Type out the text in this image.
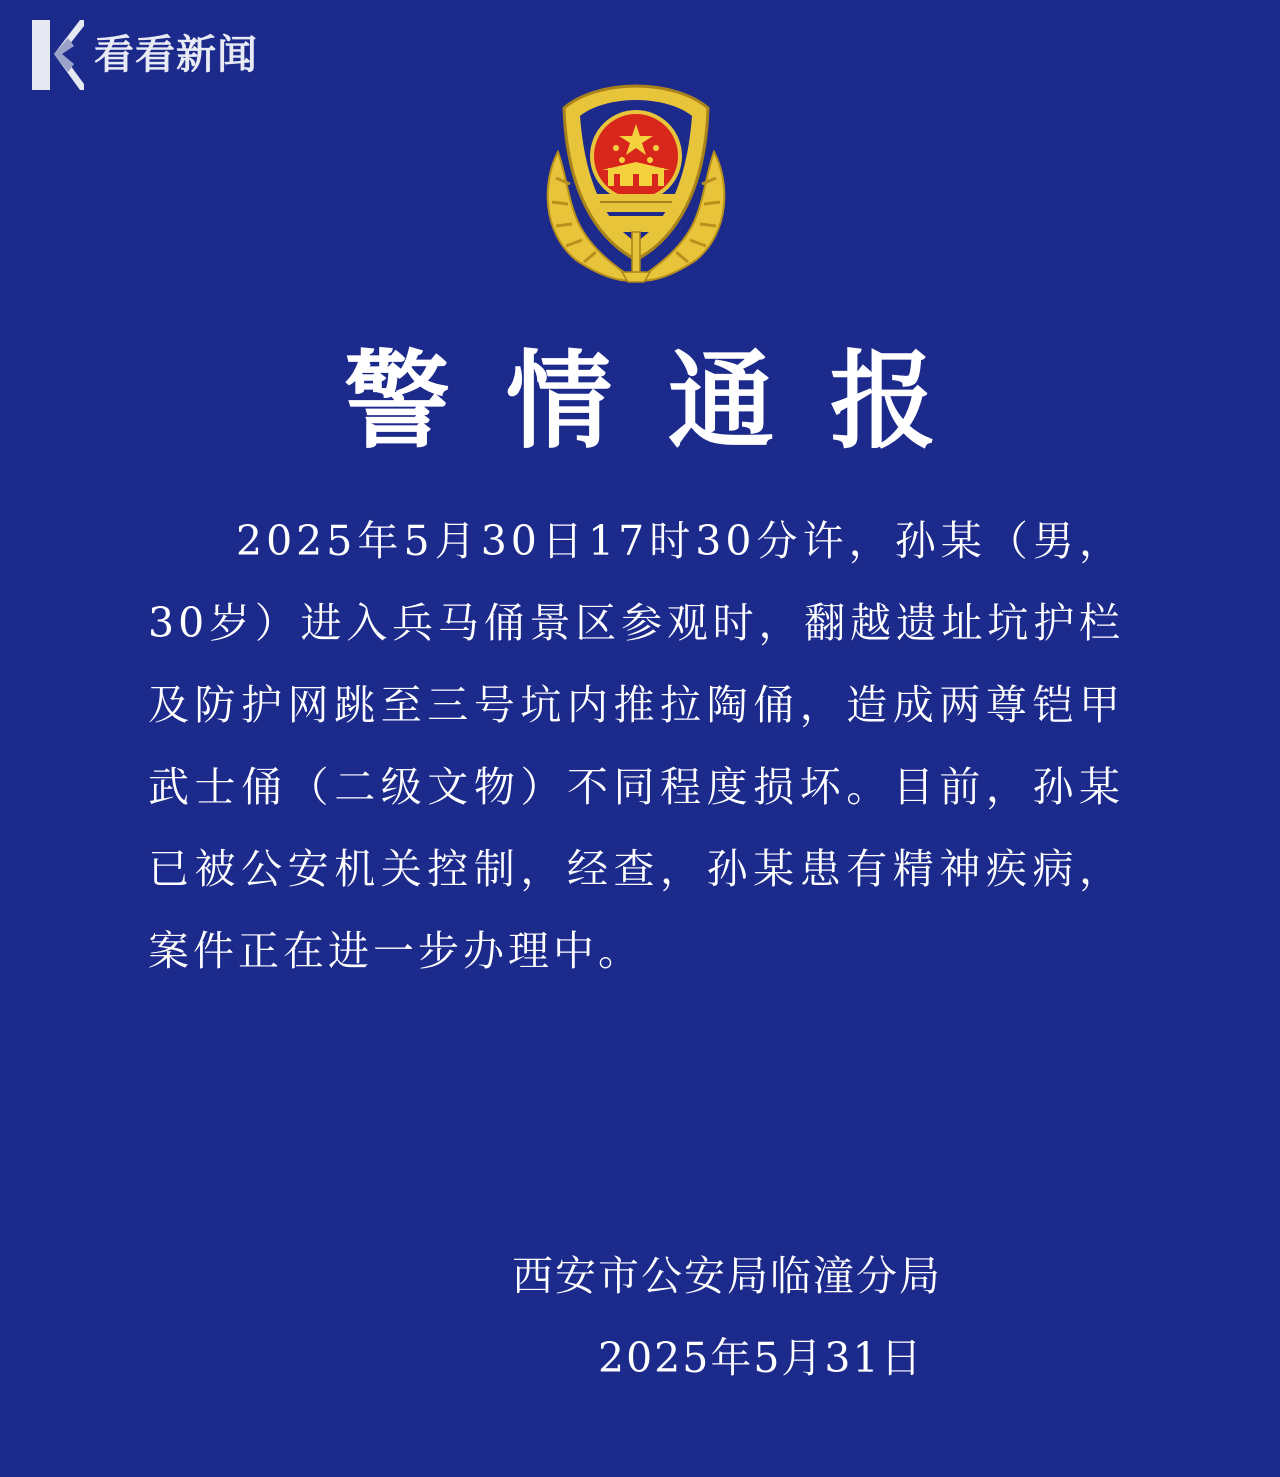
看看新闻
警情通报

2025年5月30日17时30分许，孙某（男，30岁）进入兵马俑景区参观时，翻越遗址坑护栏及防护网跳至三号坑内推拉陶俑，造成两尊铠甲武士俑（二级文物）不同程度损坏。目前，孙某已被公安机关控制，经查，孙某患有精神疾病，案件正在进一步办理中。

西安市公安局临潼分局
2025年5月31日
